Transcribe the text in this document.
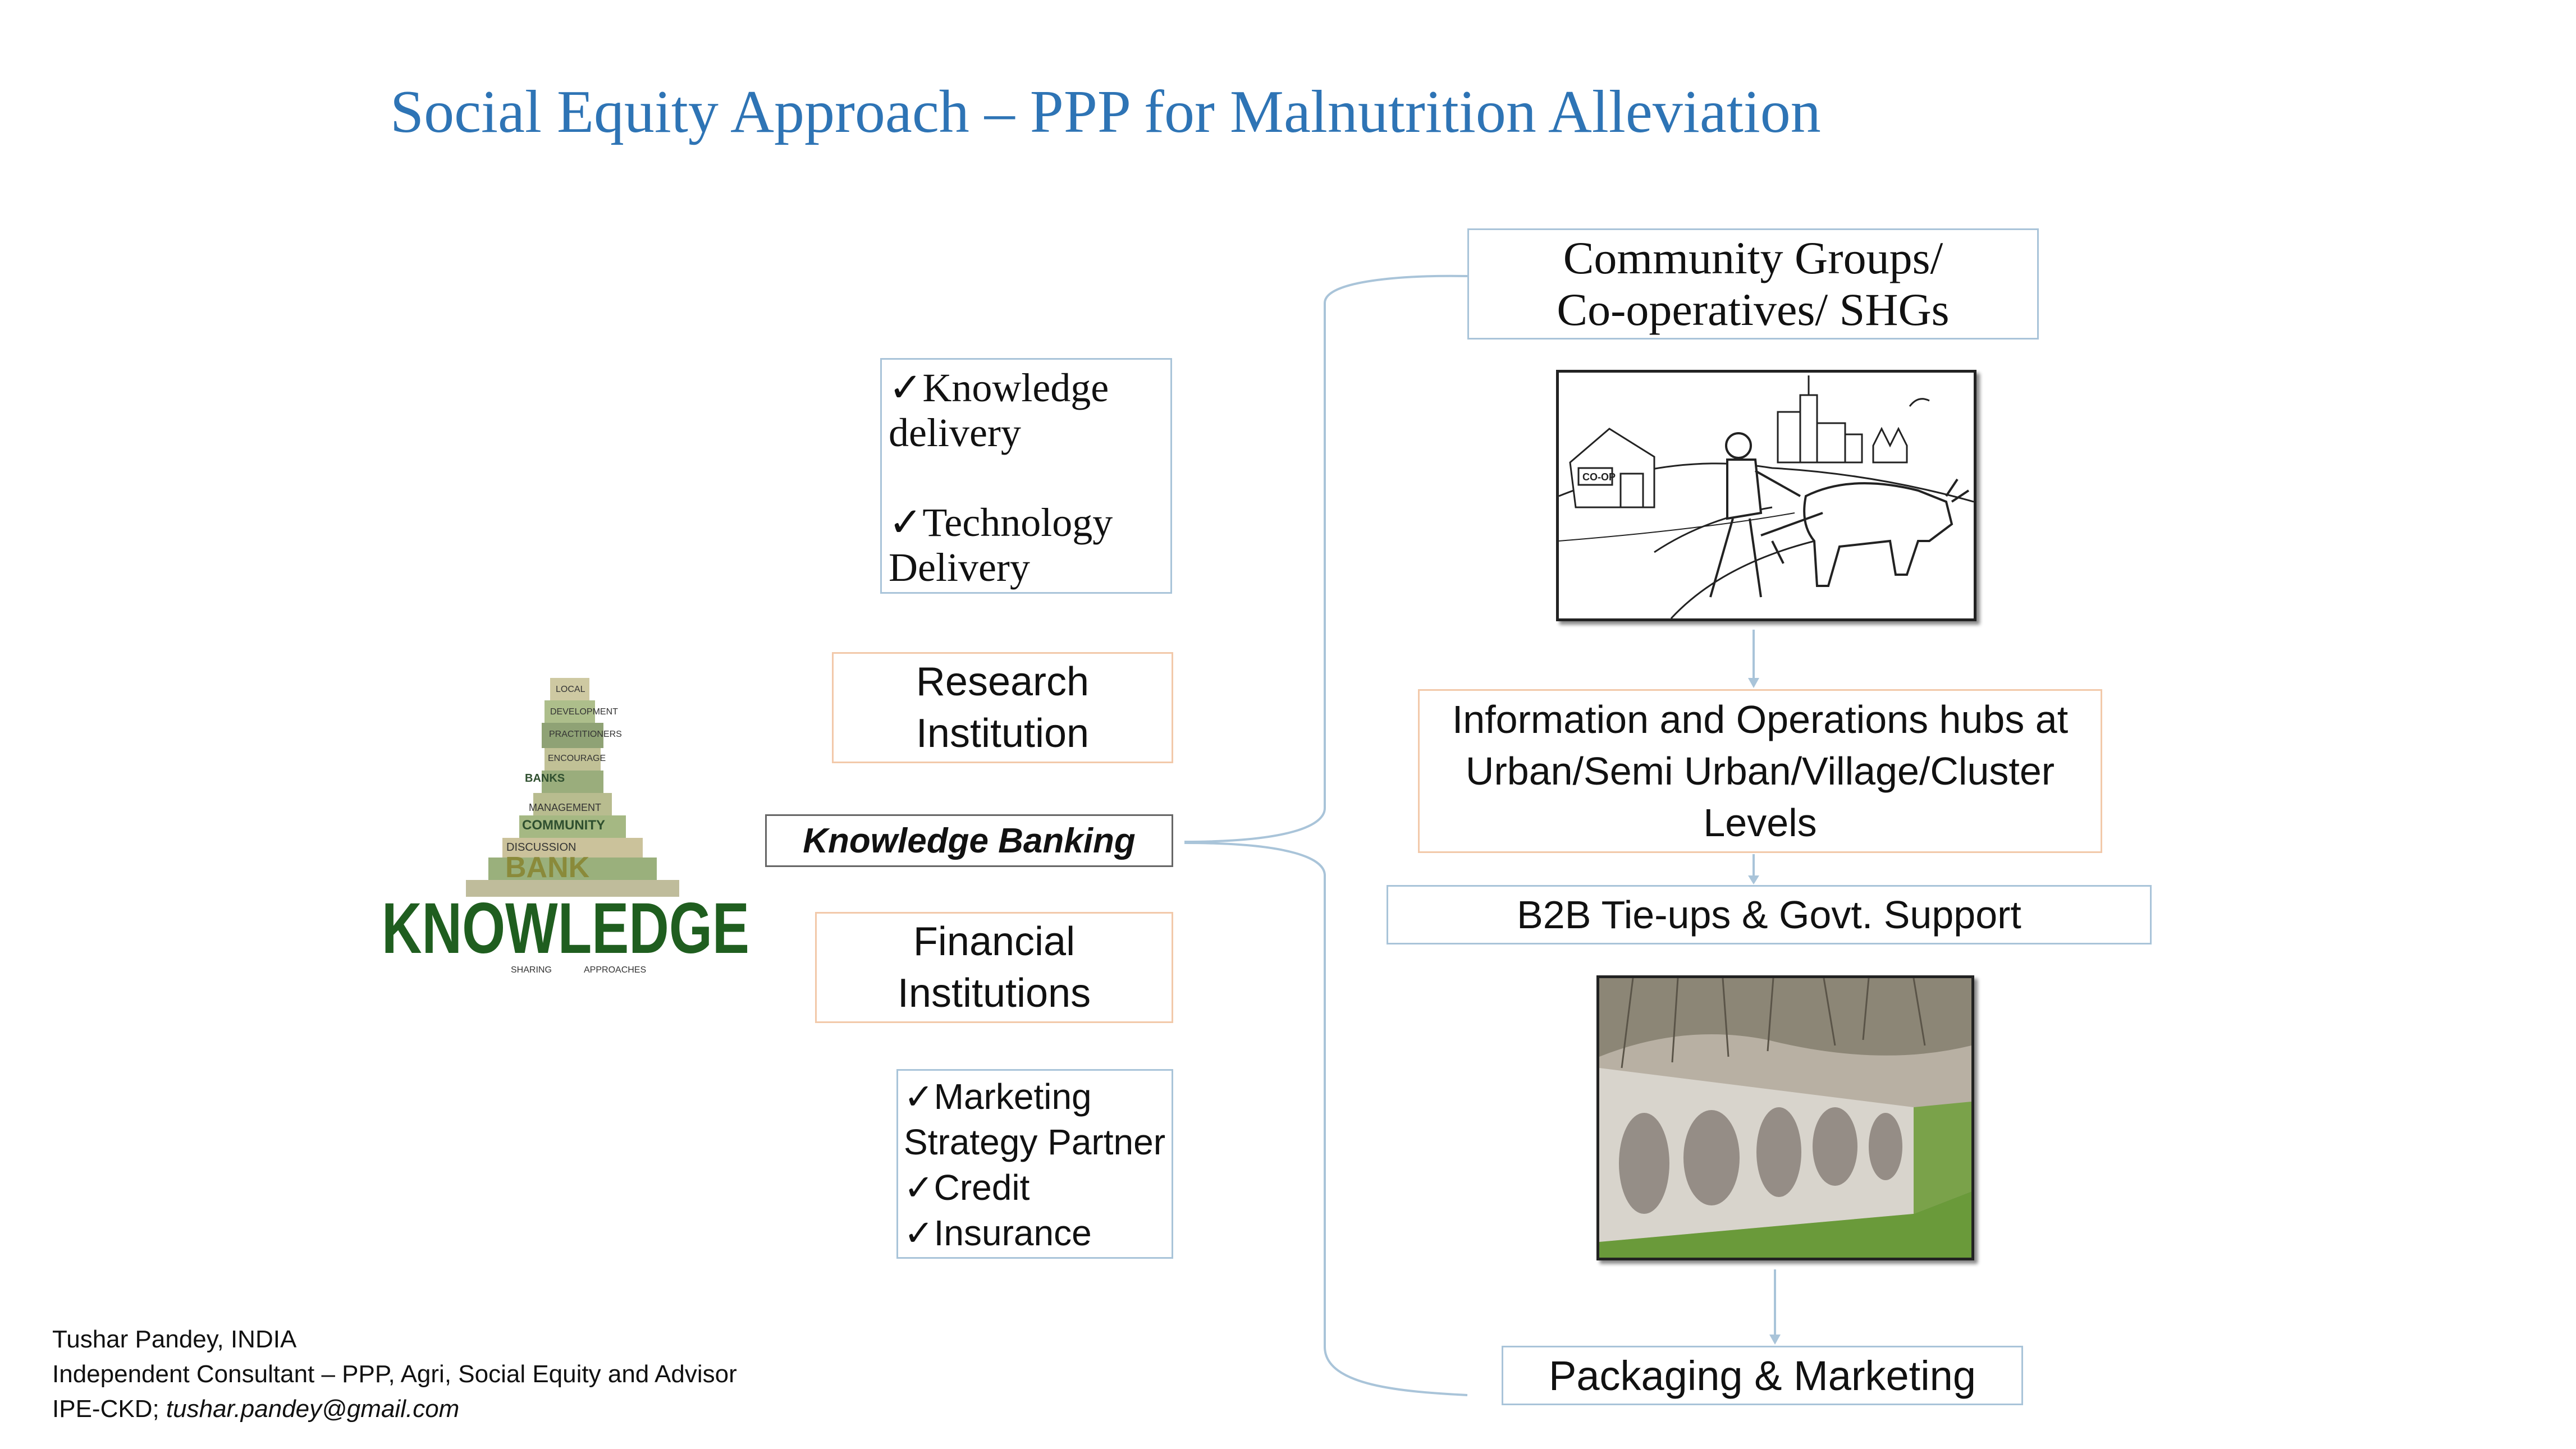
Social Equity Approach – PPP for Malnutrition Alleviation
BANKS
COMMUNITY
MANAGEMENT
DISCUSSION
PRACTITIONERS
DEVELOPMENT
ENCOURAGE
LOCAL
SHARING	APPROACHES
BANK
KNOWLEDGE
✓Knowledge delivery
✓Technology Delivery
Research
Institution
Knowledge Banking
Financial
Institutions
✓Marketing Strategy Partner
✓Credit
✓Insurance
Community Groups/
Co-operatives/ SHGs
CO-OP
Information and Operations hubs at
Urban/Semi Urban/Village/Cluster
Levels
B2B Tie-ups & Govt. Support
Packaging & Marketing
Tushar Pandey, INDIA
Independent Consultant – PPP, Agri, Social Equity and Advisor
IPE-CKD; tushar.pandey@gmail.com
